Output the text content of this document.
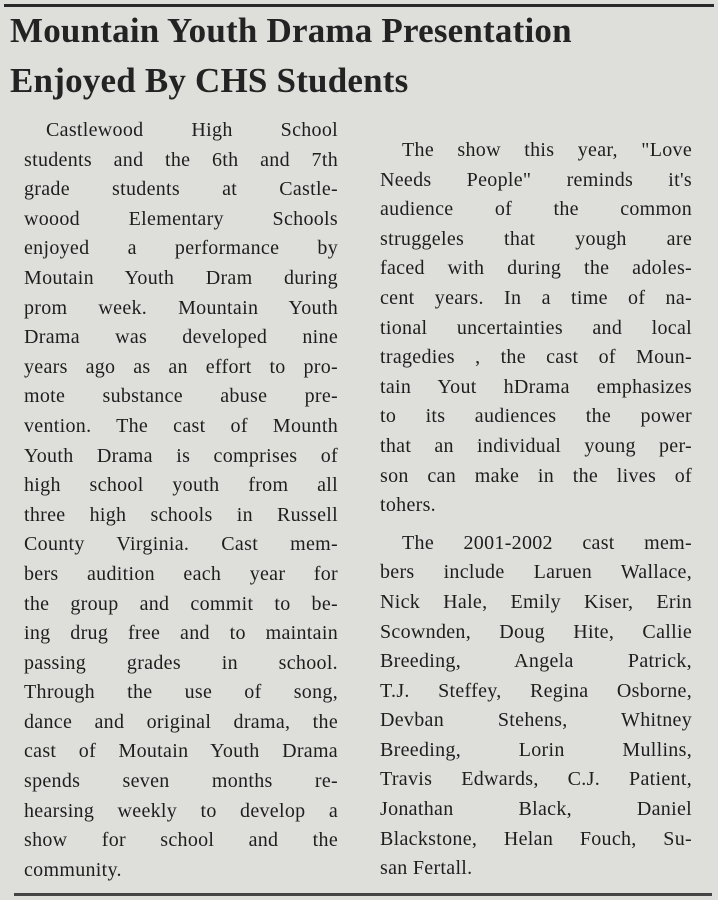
Mountain Youth Drama Presentation
Enjoyed By CHS Students
Castlewood High School
students and the 6th and 7th
grade students at Castle-
woood Elementary Schools
enjoyed a performance by
Moutain Youth Dram during
prom week. Mountain Youth
Drama was developed nine
years ago as an effort to pro-
mote substance abuse pre-
vention. The cast of Mounth
Youth Drama is comprises of
high school youth from all
three high schools in Russell
County Virginia. Cast mem-
bers audition each year for
the group and commit to be-
ing drug free and to maintain
passing grades in school.
Through the use of song,
dance and original drama, the
cast of Moutain Youth Drama
spends seven months re-
hearsing weekly to develop a
show for school and the
community.
The show this year, "Love
Needs People" reminds it's
audience of the common
struggeles that yough are
faced with during the adoles-
cent years. In a time of na-
tional uncertainties and local
tragedies , the cast of Moun-
tain Yout hDrama emphasizes
to its audiences the power
that an individual young per-
son can make in the lives of
tohers.
The 2001-2002 cast mem-
bers include Laruen Wallace,
Nick Hale, Emily Kiser, Erin
Scownden, Doug Hite, Callie
Breeding, Angela Patrick,
T.J. Steffey, Regina Osborne,
Devban Stehens, Whitney
Breeding, Lorin Mullins,
Travis Edwards, C.J. Patient,
Jonathan Black, Daniel
Blackstone, Helan Fouch, Su-
san Fertall.
